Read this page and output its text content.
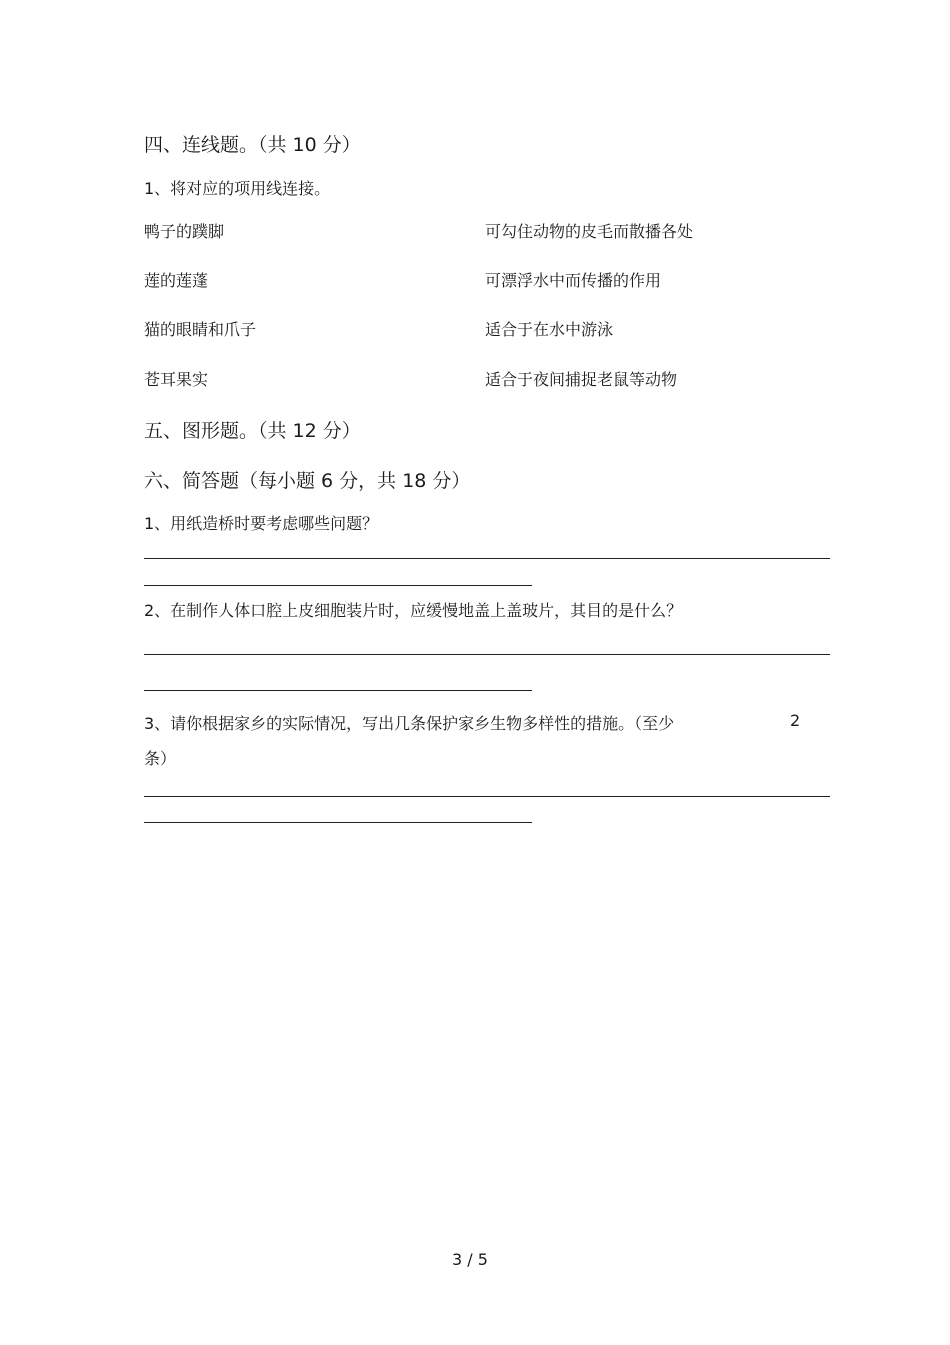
四、连线题。（共 10 分）
1、将对应的项用线连接。
鸭子的蹼脚	可勾住动物的皮毛而散播各处
莲的莲蓬	可漂浮水中而传播的作用
猫的眼睛和爪子	适合于在水中游泳
苍耳果实	适合于夜间捕捉老鼠等动物
五、图形题。（共 12 分）
六、简答题（每小题 6 分，共 18 分）
1、用纸造桥时要考虑哪些问题？
2、在制作人体口腔上皮细胞装片时，应缓慢地盖上盖玻片，其目的是什么？
3、请你根据家乡的实际情况，写出几条保护家乡生物多样性的措施。（至少	2
条）
3 / 5
